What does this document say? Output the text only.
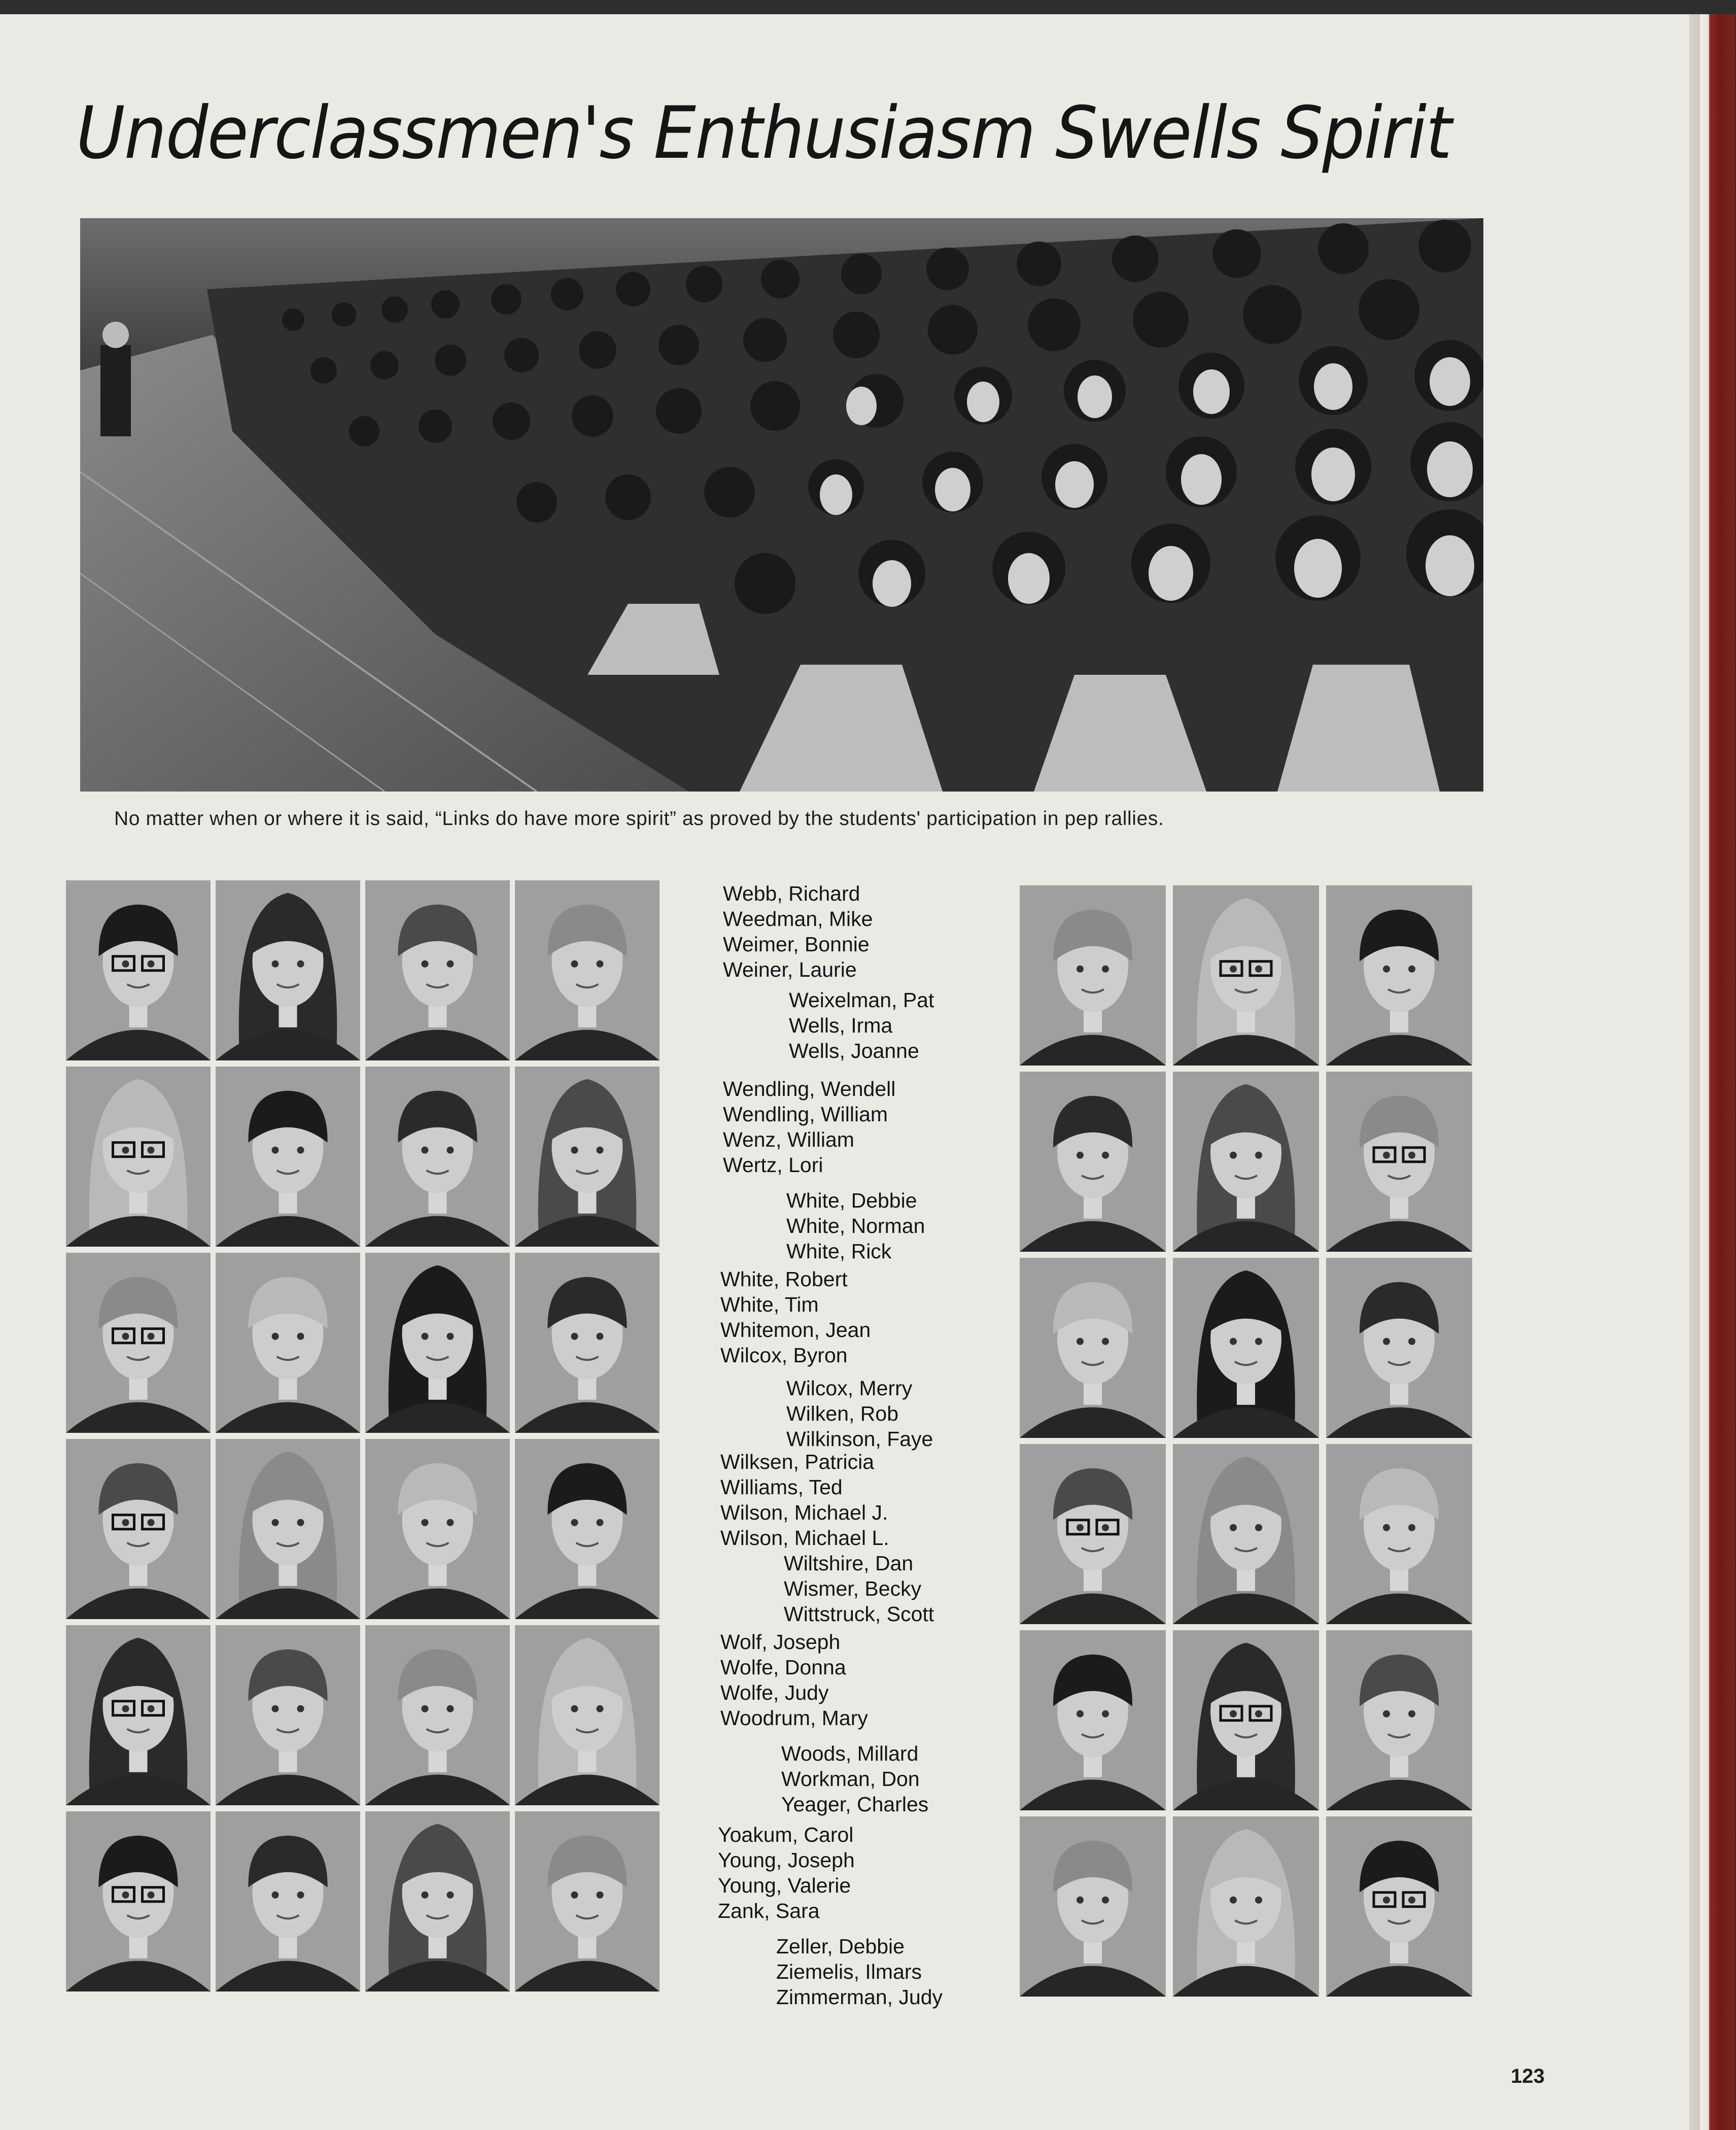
Underclassmen's Enthusiasm Swells Spirit
No matter when or where it is said, “Links do have more spirit” as proved by the students' participation in pep rallies.
Webb, Richard
Weedman, Mike
Weimer, Bonnie
Weiner, Laurie
Weixelman, Pat
Wells, Irma
Wells, Joanne
Wendling, Wendell
Wendling, William
Wenz, William
Wertz, Lori
White, Debbie
White, Norman
White, Rick
White, Robert
White, Tim
Whitemon, Jean
Wilcox, Byron
Wilcox, Merry
Wilken, Rob
Wilkinson, Faye
Wilksen, Patricia
Williams, Ted
Wilson, Michael J.
Wilson, Michael L.
Wiltshire, Dan
Wismer, Becky
Wittstruck, Scott
Wolf, Joseph
Wolfe, Donna
Wolfe, Judy
Woodrum, Mary
Woods, Millard
Workman, Don
Yeager, Charles
Yoakum, Carol
Young, Joseph
Young, Valerie
Zank, Sara
Zeller, Debbie
Ziemelis, Ilmars
Zimmerman, Judy
123
